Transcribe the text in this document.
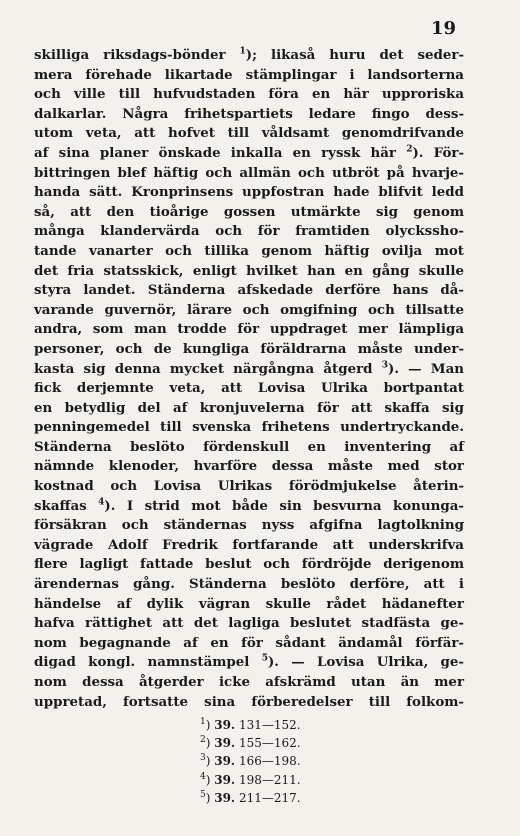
19
skilliga riksdags-bönder $^1$); likaså huru det seder-
mera förehade likartade stämplingar i landsorterna
och ville till hufvudstaden föra en här upproriska
dalkarlar. Några frihetspartiets ledare fingo dess-
utom veta, att hofvet till våldsamt genomdrifvande
af sina planer önskade inkalla en ryssk här $^2$). För-
bittringen blef häftig och allmän och utbröt på hvarje-
handa sätt. Kronprinsens uppfostran hade blifvit ledd
så, att den tioårige gossen utmärkte sig genom
många klandervärda och för framtiden olyckssho-
tande vanarter och tillika genom häftig ovilja mot
det fria statsskick, enligt hvilket han en gång skulle
styra landet. Ständerna afskedade derföre hans då-
varande guvernör, lärare och omgifning och tillsatte
andra, som man trodde för uppdraget mer lämpliga
personer, och de kungliga föräldrarna måste under-
kasta sig denna mycket närgångna åtgerd $^3$). — Man
fick derjemnte veta, att Lovisa Ulrika bortpantat
en betydlig del af kronjuvelerna för att skaffa sig
penningemedel till svenska frihetens undertryckande.
Ständerna beslöto fördenskull en inventering af
nämnde klenoder, hvarföre dessa måste med stor
kostnad och Lovisa Ulrikas förödmjukelse återin-
skaffas $^4$). I strid mot både sin besvurna konunga-
försäkran och ständernas nyss afgifna lagtolkning
vägrade Adolf Fredrik fortfarande att underskrifva
flere lagligt fattade beslut och fördröjde derigenom
ärendernas gång. Ständerna beslöto derföre, att i
händelse af dylik vägran skulle rådet hädanefter
hafva rättighet att det lagliga beslutet stadfästa ge-
nom begagnande af en för sådant ändamål förfär-
digad kongl. namnstämpel $^5$). — Lovisa Ulrika, ge-
nom dessa åtgerder icke afskrämd utan än mer
uppretad, fortsatte sina förberedelser till folkom-
$^1$) 39. 131—152.
$^2$) 39. 155—162.
$^3$) 39. 166—198.
$^4$) 39. 198—211.
$^5$) 39. 211—217.
